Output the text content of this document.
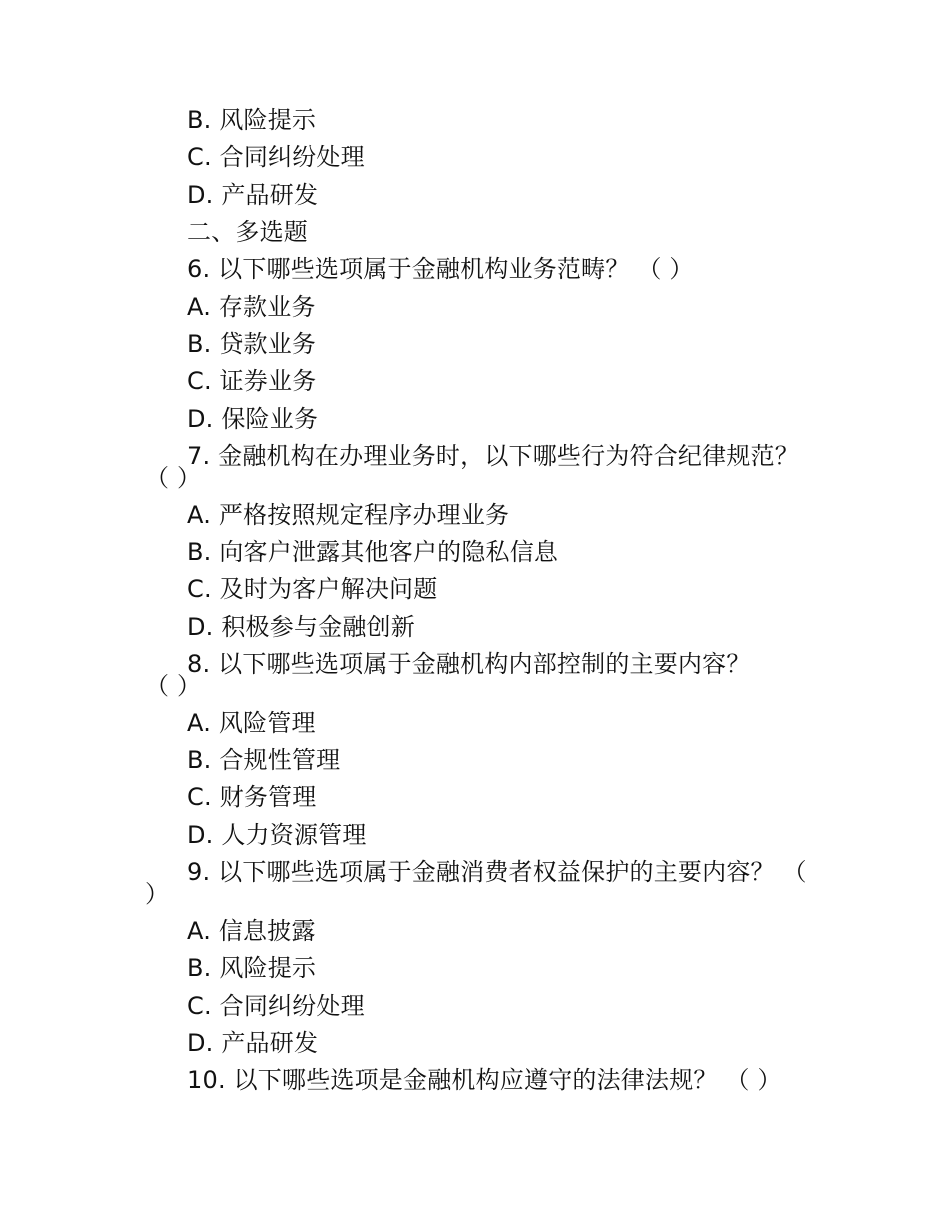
B. 风险提示
C. 合同纠纷处理
D. 产品研发
二、多选题
6. 以下哪些选项属于金融机构业务范畴？ （ ）
A. 存款业务
B. 贷款业务
C. 证券业务
D. 保险业务
7. 金融机构在办理业务时，以下哪些行为符合纪律规范？
（ ）
A. 严格按照规定程序办理业务
B. 向客户泄露其他客户的隐私信息
C. 及时为客户解决问题
D. 积极参与金融创新
8. 以下哪些选项属于金融机构内部控制的主要内容？
（ ）
A. 风险管理
B. 合规性管理
C. 财务管理
D. 人力资源管理
9. 以下哪些选项属于金融消费者权益保护的主要内容？ （
）
A. 信息披露
B. 风险提示
C. 合同纠纷处理
D. 产品研发
10. 以下哪些选项是金融机构应遵守的法律法规？ （ ）
